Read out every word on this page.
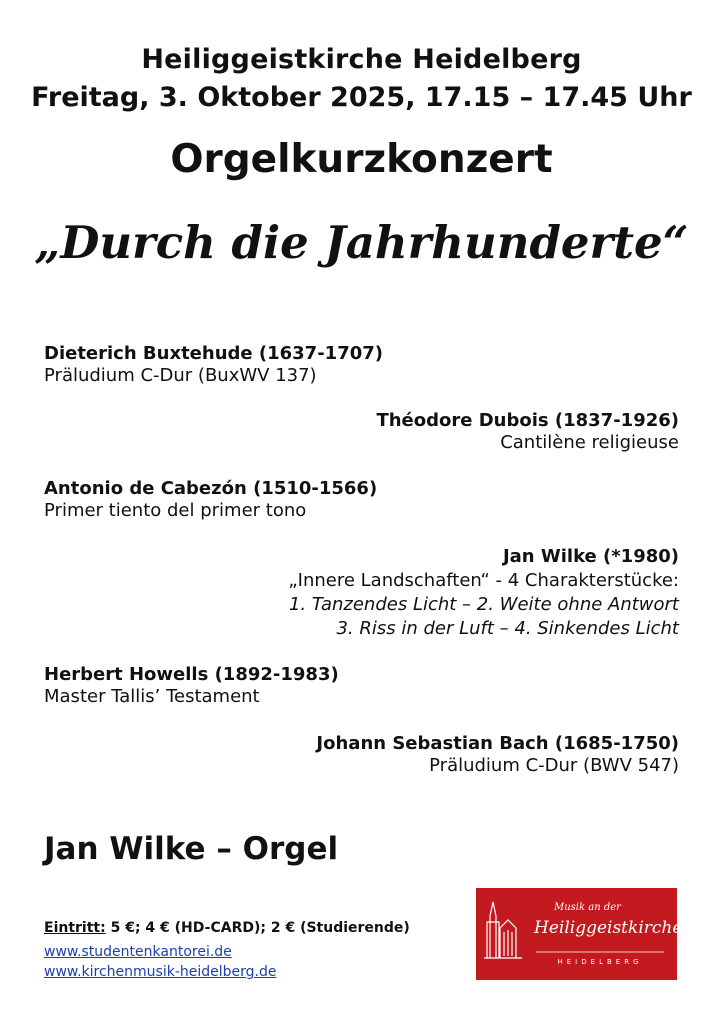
Heiliggeistkirche Heidelberg
Freitag, 3. Oktober 2025, 17.15 – 17.45 Uhr
Orgelkurzkonzert
„Durch die Jahrhunderte“
Dieterich Buxtehude (1637-1707)
Präludium C-Dur (BuxWV 137)
Théodore Dubois (1837-1926)
Cantilène religieuse
Antonio de Cabezón (1510-1566)
Primer tiento del primer tono
Jan Wilke (*1980)
„Innere Landschaften“ - 4 Charakterstücke:
1. Tanzendes Licht – 2. Weite ohne Antwort
3. Riss in der Luft – 4. Sinkendes Licht
Herbert Howells (1892-1983)
Master Tallis’ Testament
Johann Sebastian Bach (1685-1750)
Präludium C-Dur (BWV 547)
Jan Wilke – Orgel
Eintritt: 5 €; 4 € (HD-CARD); 2 € (Studierende)
www.studentenkantorei.de
www.kirchenmusik-heidelberg.de
Musik an der
Heiliggeistkirche
HEIDELBERG
